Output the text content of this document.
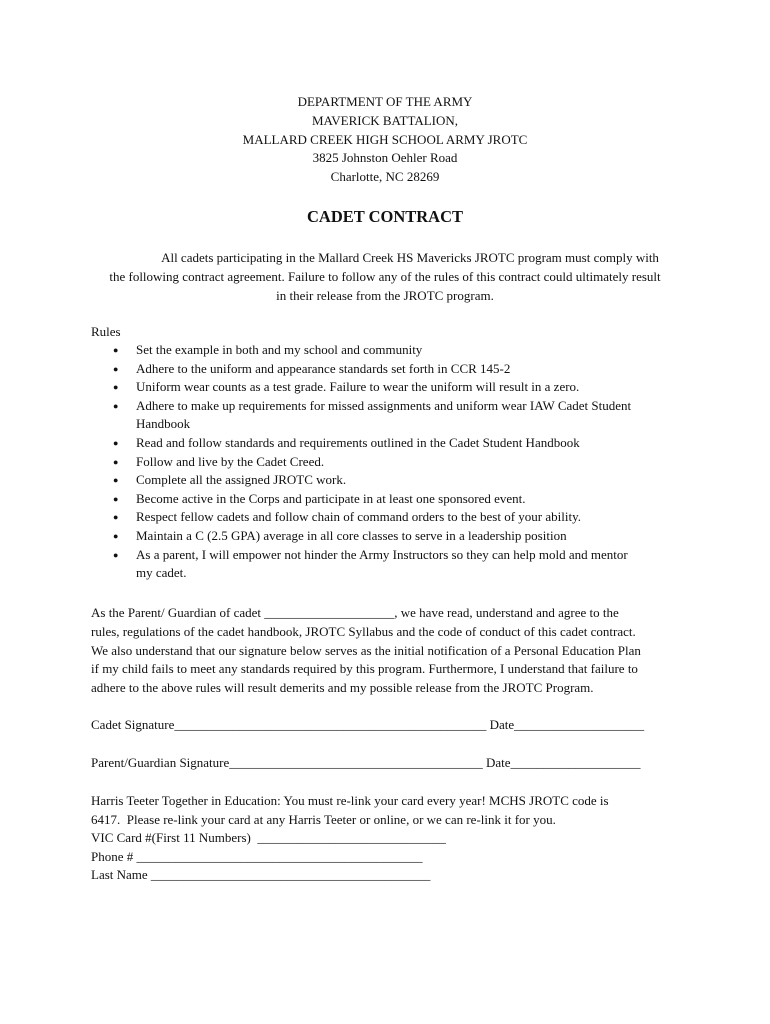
DEPARTMENT OF THE ARMY
MAVERICK BATTALION,
MALLARD CREEK HIGH SCHOOL ARMY JROTC
3825 Johnston Oehler Road
Charlotte, NC 28269
CADET CONTRACT
All cadets participating in the Mallard Creek HS Mavericks JROTC program must comply with
the following contract agreement. Failure to follow any of the rules of this contract could ultimately result
in their release from the JROTC program.
Rules
● Set the example in both and my school and community
● Adhere to the uniform and appearance standards set forth in CCR 145-2
● Uniform wear counts as a test grade. Failure to wear the uniform will result in a zero.
● Adhere to make up requirements for missed assignments and uniform wear IAW Cadet Student
Handbook
● Read and follow standards and requirements outlined in the Cadet Student Handbook
● Follow and live by the Cadet Creed.
● Complete all the assigned JROTC work.
● Become active in the Corps and participate in at least one sponsored event.
● Respect fellow cadets and follow chain of command orders to the best of your ability.
● Maintain a C (2.5 GPA) average in all core classes to serve in a leadership position
● As a parent, I will empower not hinder the Army Instructors so they can help mold and mentor
my cadet.
As the Parent/ Guardian of cadet ____________________, we have read, understand and agree to the
rules, regulations of the cadet handbook, JROTC Syllabus and the code of conduct of this cadet contract.
We also understand that our signature below serves as the initial notification of a Personal Education Plan
if my child fails to meet any standards required by this program. Furthermore, I understand that failure to
adhere to the above rules will result demerits and my possible release from the JROTC Program.
Cadet Signature________________________________________________ Date____________________
Parent/Guardian Signature_______________________________________ Date____________________
Harris Teeter Together in Education: You must re-link your card every year! MCHS JROTC code is
6417.  Please re-link your card at any Harris Teeter or online, or we can re-link it for you.
VIC Card #(First 11 Numbers)  _____________________________
Phone # ____________________________________________
Last Name ___________________________________________
